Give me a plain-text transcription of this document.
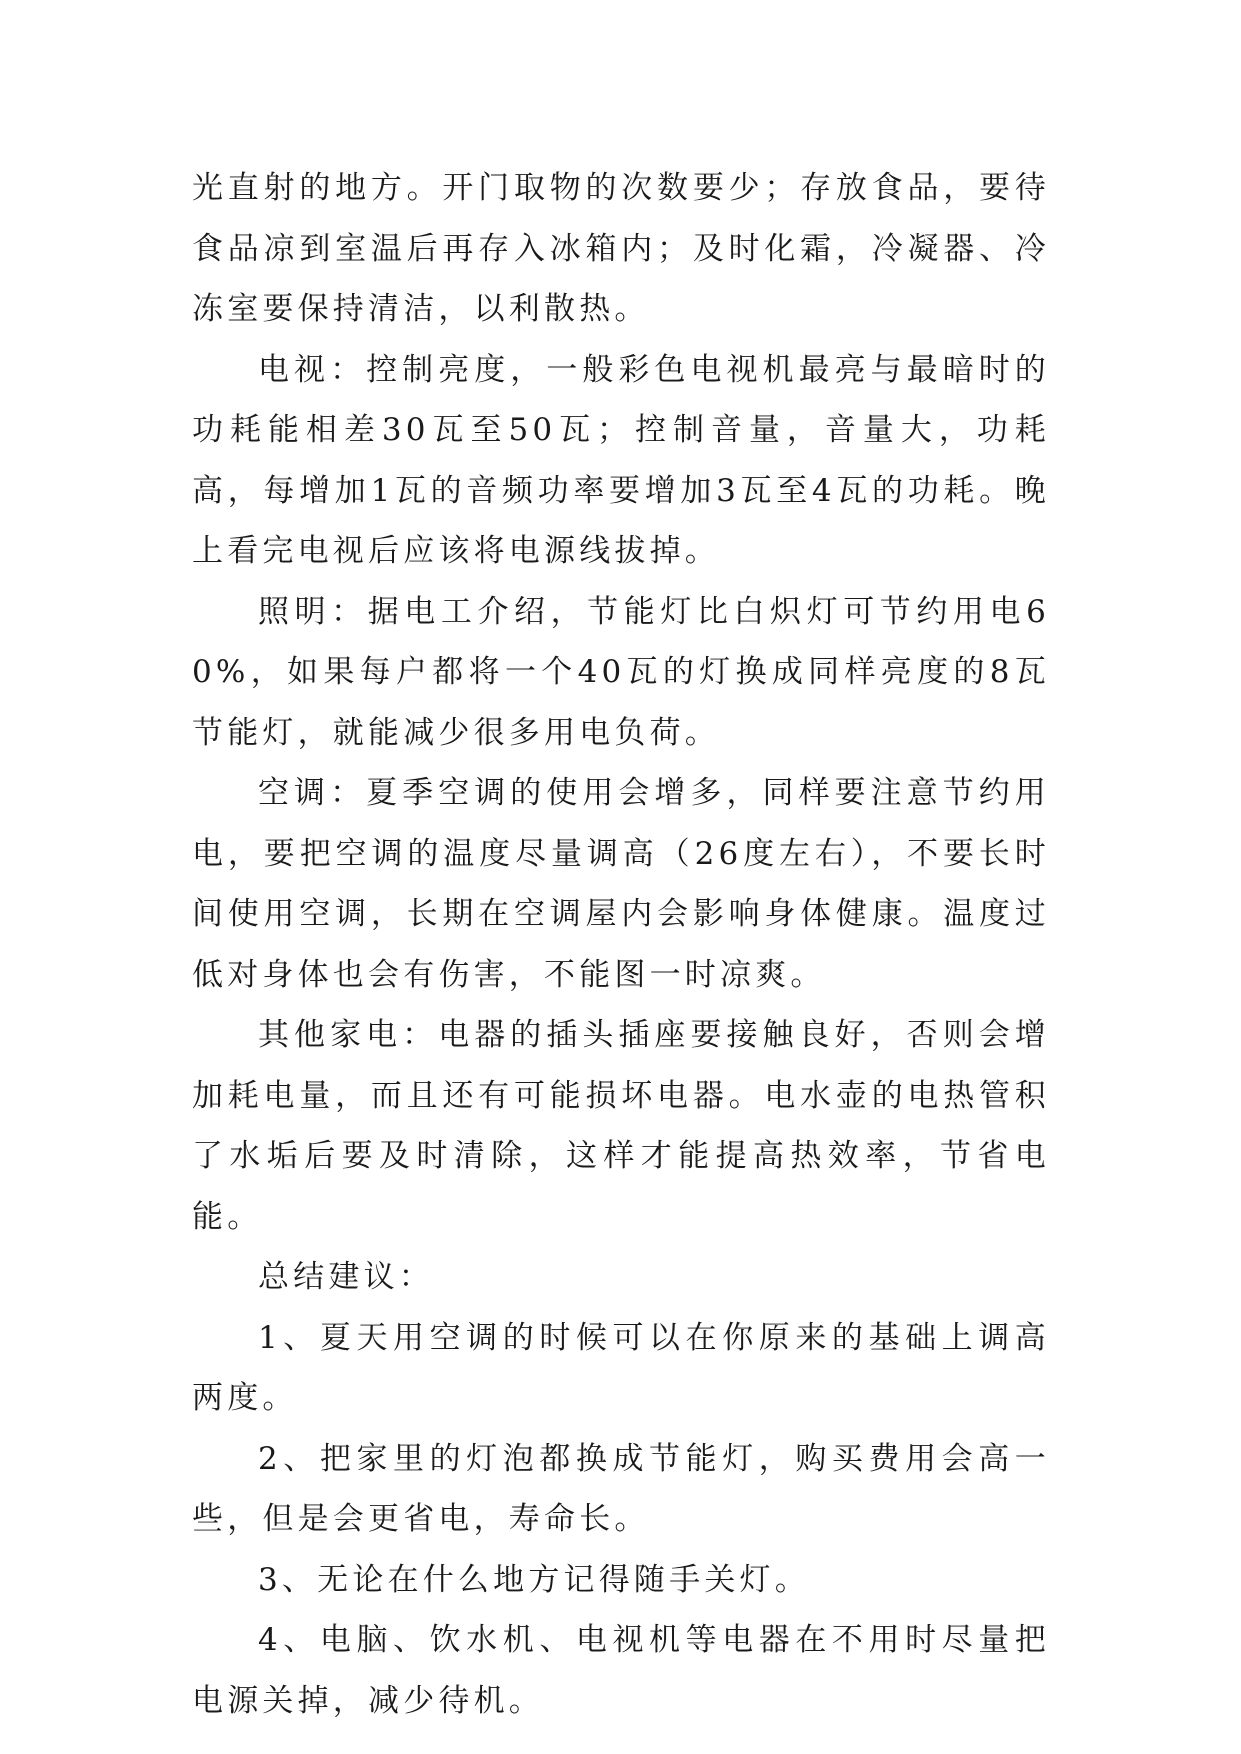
光直射的地方。开门取物的次数要少；存放食品，要待食品凉到室温后再存入冰箱内；及时化霜，冷凝器、冷冻室要保持清洁，以利散热。

电视：控制亮度，一般彩色电视机最亮与最暗时的功耗能相差30瓦至50瓦；控制音量，音量大，功耗高，每增加1瓦的音频功率要增加3瓦至4瓦的功耗。晚上看完电视后应该将电源线拔掉。

照明：据电工介绍，节能灯比白炽灯可节约用电60%，如果每户都将一个40瓦的灯换成同样亮度的8瓦节能灯，就能减少很多用电负荷。

空调：夏季空调的使用会增多，同样要注意节约用电，要把空调的温度尽量调高（26度左右），不要长时间使用空调，长期在空调屋内会影响身体健康。温度过低对身体也会有伤害，不能图一时凉爽。

其他家电：电器的插头插座要接触良好，否则会增加耗电量，而且还有可能损坏电器。电水壶的电热管积了水垢后要及时清除，这样才能提高热效率，节省电能。

总结建议：

1、夏天用空调的时候可以在你原来的基础上调高两度。

2、把家里的灯泡都换成节能灯，购买费用会高一些，但是会更省电，寿命长。

3、无论在什么地方记得随手关灯。

4、电脑、饮水机、电视机等电器在不用时尽量把电源关掉，减少待机。
